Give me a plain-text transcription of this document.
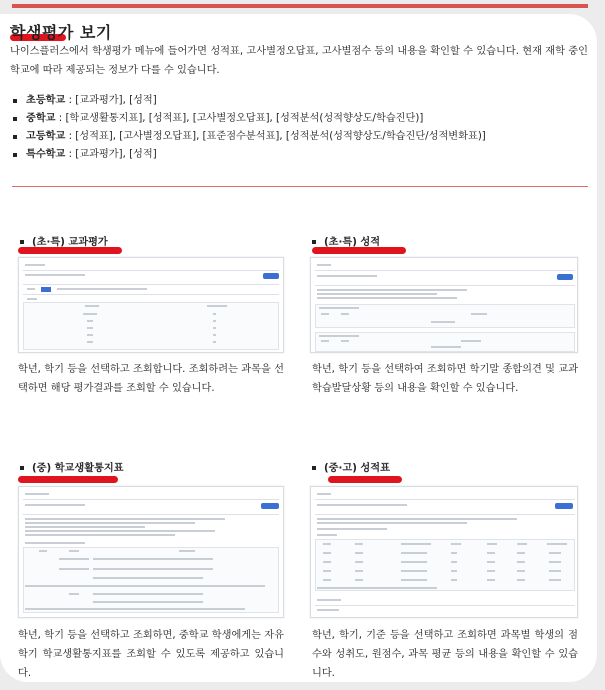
학생평가 보기

나이스플러스에서 학생평가 메뉴에 들어가면 성적표, 고사별정오답표, 고사별점수 등의 내용을 확인할 수 있습니다. 현재 재학 중인 학교에 따라 제공되는 정보가 다를 수 있습니다.

초등학교 : [교과평가], [성적]
중학교 : [학교생활통지표], [성적표], [고사별정오답표], [성적분석(성적향상도/학습진단)]
고등학교 : [성적표], [고사별정오답표], [표준점수분석표], [성적분석(성적향상도/학습진단/성적변화표)]
특수학교 : [교과평가], [성적]
(초·특) 교과평가

학년, 학기 등을 선택하고 조회합니다. 조회하려는 과목을 선택하면 해당 평가결과를 조회할 수 있습니다.

(초·특) 성적

학년, 학기 등을 선택하여 조회하면 학기말 종합의견 및 교과 학습발달상황 등의 내용을 확인할 수 있습니다.

(중) 학교생활통지표

학년, 학기 등을 선택하고 조회하면, 중학교 학생에게는 자유학기 학교생활통지표를 조회할 수 있도록 제공하고 있습니다.

(중·고) 성적표

학년, 학기, 기준 등을 선택하고 조회하면 과목별 학생의 점수와 성취도, 원점수, 과목 평균 등의 내용을 확인할 수 있습니다.
